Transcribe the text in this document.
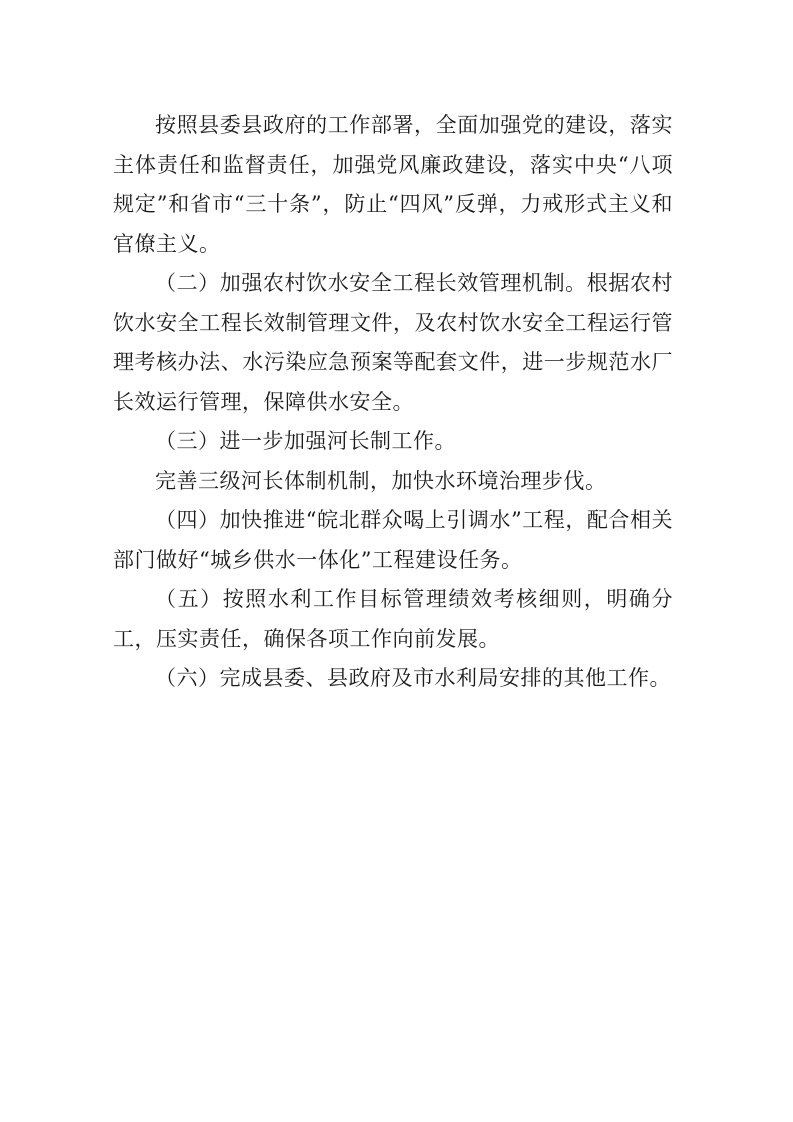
按照县委县政府的工作部署，全面加强党的建设，落实主体责任和监督责任，加强党风廉政建设，落实中央“八项规定”和省市“三十条”，防止“四风”反弹，力戒形式主义和官僚主义。

（二）加强农村饮水安全工程长效管理机制。根据农村饮水安全工程长效制管理文件，及农村饮水安全工程运行管理考核办法、水污染应急预案等配套文件，进一步规范水厂长效运行管理，保障供水安全。

（三）进一步加强河长制工作。

完善三级河长体制机制，加快水环境治理步伐。

（四）加快推进“皖北群众喝上引调水”工程，配合相关部门做好“城乡供水一体化”工程建设任务。

（五）按照水利工作目标管理绩效考核细则，明确分工，压实责任，确保各项工作向前发展。

（六）完成县委、县政府及市水利局安排的其他工作。
